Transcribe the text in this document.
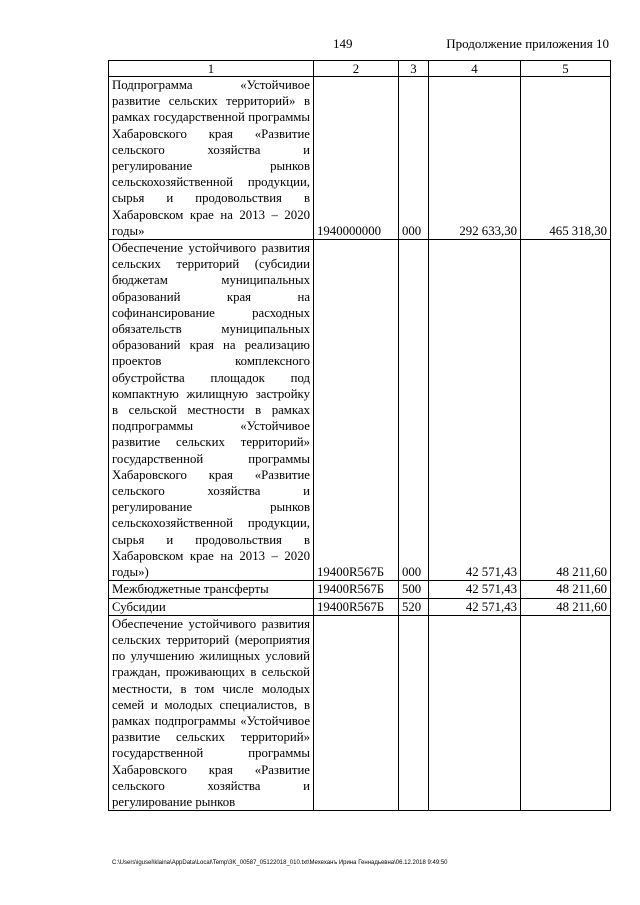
149	Продолжение приложения 10
1	2	3	4	5
Подпрограмма «Устойчивое развитие сельских территорий» в рамках государственной программы Хабаровского края «Развитие сельского хозяйства и регулирование рынков сельскохозяйственной продукции, сырья и продовольствия в Хабаровском крае на 2013 – 2020 годы»	1940000000	000	292 633,30	465 318,30
Обеспечение устойчивого развития сельских территорий (субсидии бюджетам муниципальных образований края на софинансирование расходных обязательств муниципальных образований края на реализацию проектов комплексного обустройства площадок под компактную жилищную застройку в сельской местности в рамках подпрограммы «Устойчивое развитие сельских территорий» государственной программы Хабаровского края «Развитие сельского хозяйства и регулирование рынков сельскохозяйственной продукции, сырья и продовольствия в Хабаровском крае на 2013 – 2020 годы»)	19400R567Б	000	42 571,43	48 211,60
Межбюджетные трансферты	19400R567Б	500	42 571,43	48 211,60
Субсидии	19400R567Б	520	42 571,43	48 211,60
Обеспечение устойчивого развития сельских территорий (мероприятия по улучшению жилищных условий граждан, проживающих в сельской местности, в том числе молодых семей и молодых специалистов, в рамках подпрограммы «Устойчивое развитие сельских территорий» государственной программы Хабаровского края «Развитие сельского хозяйства и регулирование рынков				
C:\Users\igusel\klaina\AppData\Local\Temp\3K_00587_05122018_010.txt\Мехеханъ Ирина Геннадьевна\06.12.2018 9:49:50
